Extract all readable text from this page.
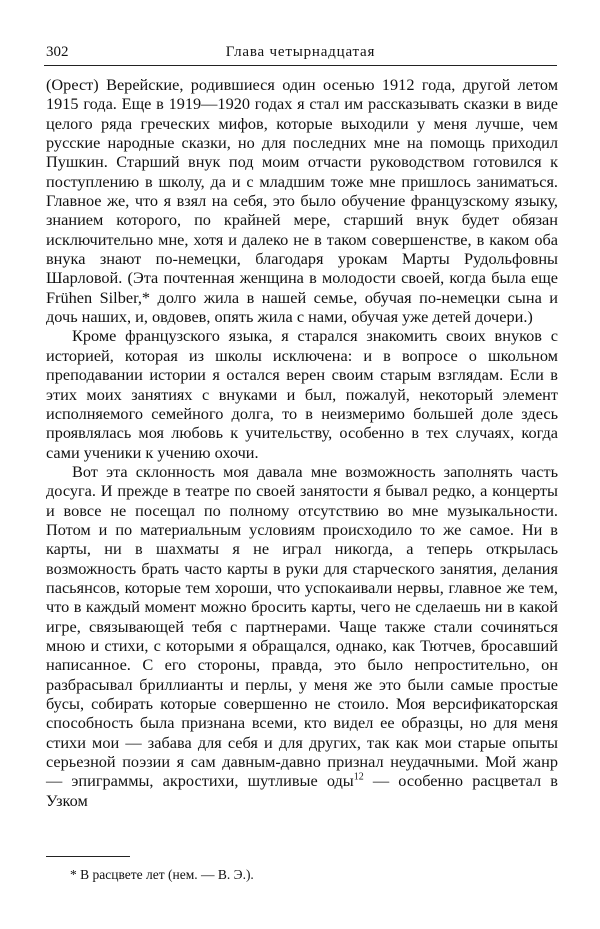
302	Глава четырнадцатая

(Орест) Верейские, родившиеся один осенью 1912 года, другой летом 1915 года. Еще в 1919—1920 годах я стал им рассказывать сказки в виде целого ряда греческих мифов, которые выходили у меня лучше, чем русские народные сказки, но для последних мне на помощь приходил Пушкин. Старший внук под моим отчасти руководством готовился к поступлению в школу, да и с младшим тоже мне пришлось заниматься. Главное же, что я взял на себя, это было обучение французскому языку, знанием которого, по крайней мере, старший внук будет обязан исключительно мне, хотя и далеко не в таком совершенстве, в каком оба внука знают по-немецки, благодаря урокам Марты Рудольфовны Шарловой. (Эта почтенная женщина в молодости своей, когда была еще Frühen Silber,* долго жила в нашей семье, обучая по-немецки сына и дочь наших, и, овдовев, опять жила с нами, обучая уже детей дочери.)

Кроме французского языка, я старался знакомить своих внуков с историей, которая из школы исключена: и в вопросе о школьном преподавании истории я остался верен своим старым взглядам. Если в этих моих занятиях с внуками и был, пожалуй, некоторый элемент исполняемого семейного долга, то в неизмеримо большей доле здесь проявлялась моя любовь к учительству, особенно в тех случаях, когда сами ученики к учению охочи.

Вот эта склонность моя давала мне возможность заполнять часть досуга. И прежде в театре по своей занятости я бывал редко, а концерты и вовсе не посещал по полному отсутствию во мне музыкальности. Потом и по материальным условиям происходило то же самое. Ни в карты, ни в шахматы я не играл никогда, а теперь открылась возможность брать часто карты в руки для старческого занятия, делания пасьянсов, которые тем хороши, что успокаивали нервы, главное же тем, что в каждый момент можно бросить карты, чего не сделаешь ни в какой игре, связывающей тебя с партнерами. Чаще также стали сочиняться мною и стихи, с которыми я обращался, однако, как Тютчев, бросавший написанное. С его стороны, правда, это было непростительно, он разбрасывал бриллианты и перлы, у меня же это были самые простые бусы, собирать которые совершенно не стоило. Моя версификаторская способность была признана всеми, кто видел ее образцы, но для меня стихи мои — забава для себя и для других, так как мои старые опыты серьезной поэзии я сам давным-давно признал неудачными. Мой жанр — эпиграммы, акростихи, шутливые оды$^{12}$ — особенно расцветал в Узком

* В расцвете лет (нем. — В. Э.).
